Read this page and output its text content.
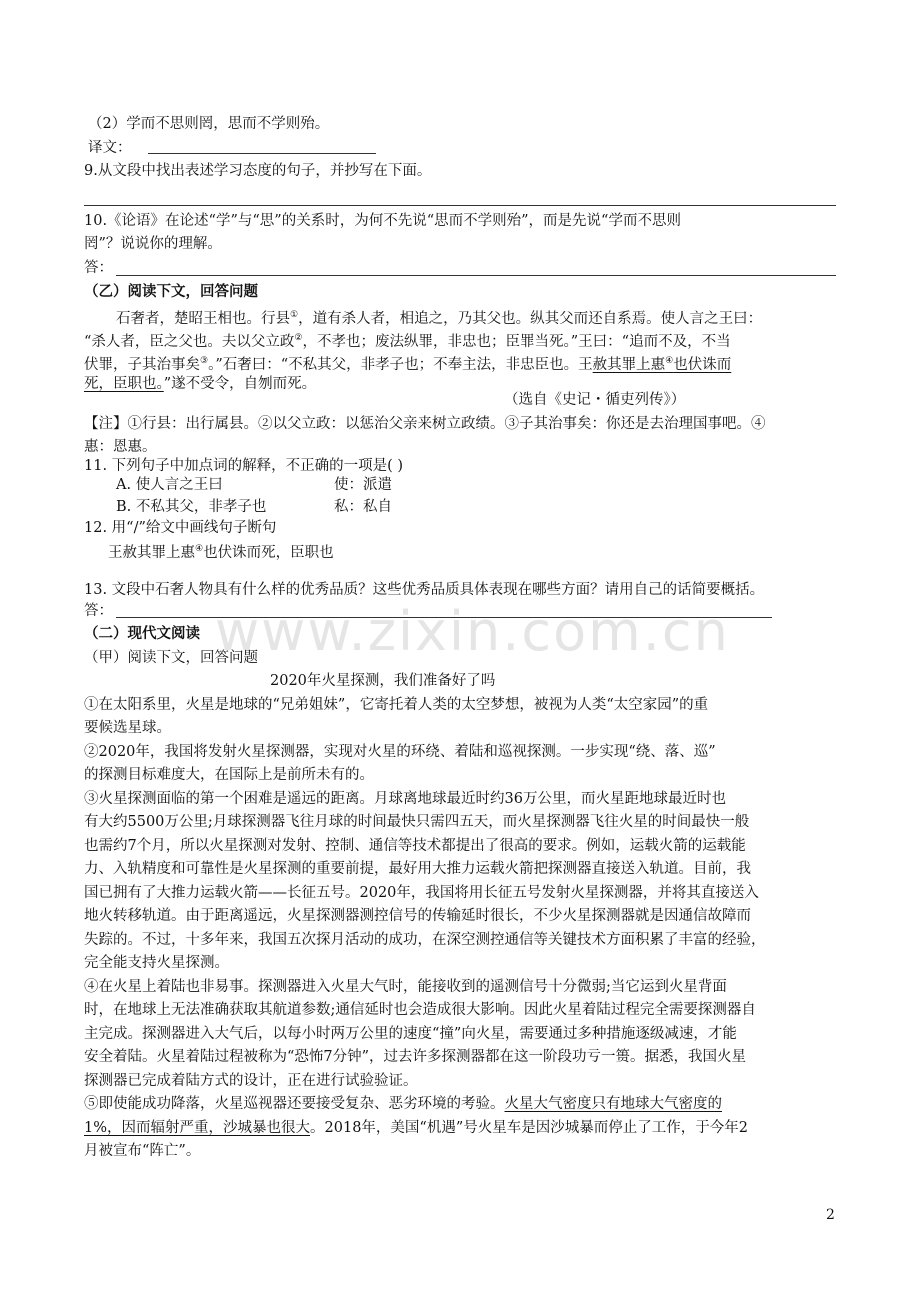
（2）学而不思则罔，思而不学则殆。
译文：
9.从文段中找出表述学习态度的句子，并抄写在下面。
10.《论语》在论述“学”与“思”的关系时，为何不先说“思而不学则殆”，而是先说“学而不思则
罔”？说说你的理解。
答：
（乙）阅读下文，回答问题
石奢者，楚昭王相也。行县①，道有杀人者，相追之，乃其父也。纵其父而还自系焉。使人言之王曰：
“杀人者，臣之父也。夫以父立政②，不孝也；废法纵罪，非忠也；臣罪当死。”王曰：“追而不及，不当
伏罪，子其治事矣③。”石奢曰：“不私其父，非孝子也；不奉主法，非忠臣也。王赦其罪上惠④也伏诛而
死，臣职也。”遂不受令，自刎而死。
（选自《史记・循吏列传》）
【注】①行县：出行属县。②以父立政：以惩治父亲来树立政绩。③子其治事矣：你还是去治理国事吧。④
惠：恩惠。
11. 下列句子中加点词的解释，不正确的一项是( )
A. 使人言之王曰	使：派遣
B. 不私其父，非孝子也	私：私自
12. 用“/”给文中画线句子断句
王赦其罪上惠④也伏诛而死，臣职也
13. 文段中石奢人物具有什么样的优秀品质？这些优秀品质具体表现在哪些方面？请用自己的话简要概括。
答：
（二）现代文阅读
（甲）阅读下文，回答问题
2020年火星探测，我们准备好了吗
①在太阳系里，火星是地球的“兄弟姐妹”，它寄托着人类的太空梦想，被视为人类“太空家园”的重
要候选星球。
②2020年，我国将发射火星探测器，实现对火星的环绕、着陆和巡视探测。一步实现“绕、落、巡”
的探测目标难度大，在国际上是前所未有的。
③火星探测面临的第一个困难是遥远的距离。月球离地球最近时约36万公里，而火星距地球最近时也
有大约5500万公里;月球探测器飞往月球的时间最快只需四五天，而火星探测器飞往火星的时间最快一般
也需约7个月，所以火星探测对发射、控制、通信等技术都提出了很高的要求。例如，运载火箭的运载能
力、入轨精度和可靠性是火星探测的重要前提，最好用大推力运载火箭把探测器直接送入轨道。目前，我
国已拥有了大推力运载火箭——长征五号。2020年，我国将用长征五号发射火星探测器，并将其直接送入
地火转移轨道。由于距离遥远，火星探测器测控信号的传输延时很长，不少火星探测器就是因通信故障而
失踪的。不过，十多年来，我国五次探月活动的成功，在深空测控通信等关键技术方面积累了丰富的经验，
完全能支持火星探测。
④在火星上着陆也非易事。探测器进入火星大气时，能接收到的遥测信号十分微弱;当它运到火星背面
时，在地球上无法准确获取其航道参数;通信延时也会造成很大影响。因此火星着陆过程完全需要探测器自
主完成。探测器进入大气后，以每小时两万公里的速度“撞”向火星，需要通过多种措施逐级减速，才能
安全着陆。火星着陆过程被称为“恐怖7分钟”，过去许多探测器都在这一阶段功亏一篑。据悉，我国火星
探测器已完成着陆方式的设计，正在进行试验验证。
⑤即使能成功降落，火星巡视器还要接受复杂、恶劣环境的考验。火星大气密度只有地球大气密度的
1%，因而辐射严重，沙城暴也很大。2018年，美国“机遇”号火星车是因沙城暴而停止了工作，于今年2
月被宣布“阵亡”。
www.zixin.com.cn
2
